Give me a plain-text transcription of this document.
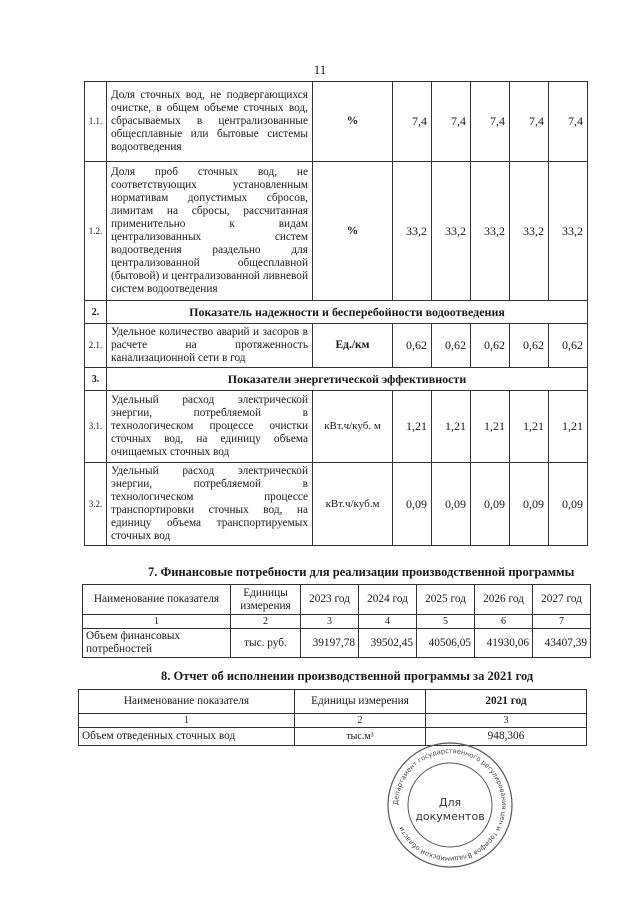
11
1.1.	Доля сточных вод, не подвергающихся очистке, в общем объеме сточных вод, сбрасываемых в централизованные общесплавные или бытовые системы водоотведения	%	7,4	7,4	7,4	7,4	7,4
1.2.	Доля проб сточных вод, не соответствующих установленным нормативам допустимых сбросов, лимитам на сбросы, рассчитанная применительно к видам централизованных систем водоотведения раздельно для централизованной общесплавной (бытовой) и централизованной ливневой систем водоотведения	%	33,2	33,2	33,2	33,2	33,2
2.	Показатель надежности и бесперебойности водоотведения						
2.1.	Удельное количество аварий и засоров в расчете на протяженность канализационной сети в год	Ед./км	0,62	0,62	0,62	0,62	0,62
3.	Показатели энергетической эффективности						
3.1.	Удельный расход электрической энергии, потребляемой в технологическом процессе очистки сточных вод, на единицу объема очищаемых сточных вод	кВт.ч/куб. м	1,21	1,21	1,21	1,21	1,21
3.2.	Удельный расход электрической энергии, потребляемой в технологическом процессе транспортировки сточных вод, на единицу объема транспортируемых сточных вод	кВт.ч/куб.м	0,09	0,09	0,09	0,09	0,09
7. Финансовые потребности для реализации производственной программы
Наименование показателя	Единицы измерения	2023 год	2024 год	2025 год	2026 год	2027 год
1	2	3	4	5	6	7
Объем финансовых потребностей	тыс. руб.	39197,78	39502,45	40506,05	41930,06	43407,39
8. Отчет об исполнении производственной программы за 2021 год
Наименование показателя	Единицы измерения	2021 год
1	2	3
Объем отведенных сточных вод	тыс.м³	948,306
Департамент государственного регулирования цен и тарифов Владимирской области
Для
документов
